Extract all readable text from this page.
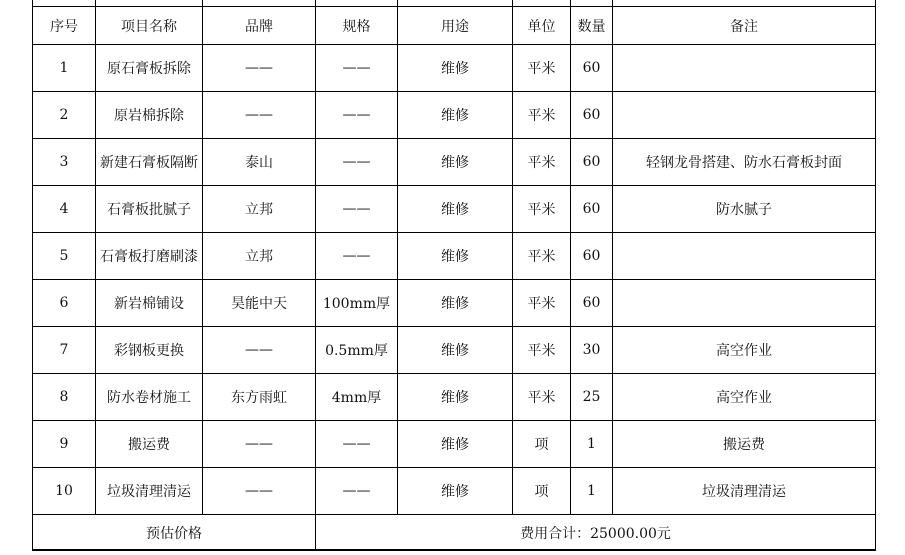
序号	项目名称	品牌	规格	用途	单位	数量	备注
1	原石膏板拆除	——	——	维修	平米	60	
2	原岩棉拆除	——	——	维修	平米	60	
3	新建石膏板隔断	泰山	——	维修	平米	60	轻钢龙骨搭建、防水石膏板封面
4	石膏板批腻子	立邦	——	维修	平米	60	防水腻子
5	石膏板打磨刷漆	立邦	——	维修	平米	60	
6	新岩棉铺设	昊能中天	100mm厚	维修	平米	60	
7	彩钢板更换	——	0.5mm厚	维修	平米	30	高空作业
8	防水卷材施工	东方雨虹	4mm厚	维修	平米	25	高空作业
9	搬运费	——	——	维修	项	1	搬运费
10	垃圾清理清运	——	——	维修	项	1	垃圾清理清运
预估价格			费用合计：25000.00元				
